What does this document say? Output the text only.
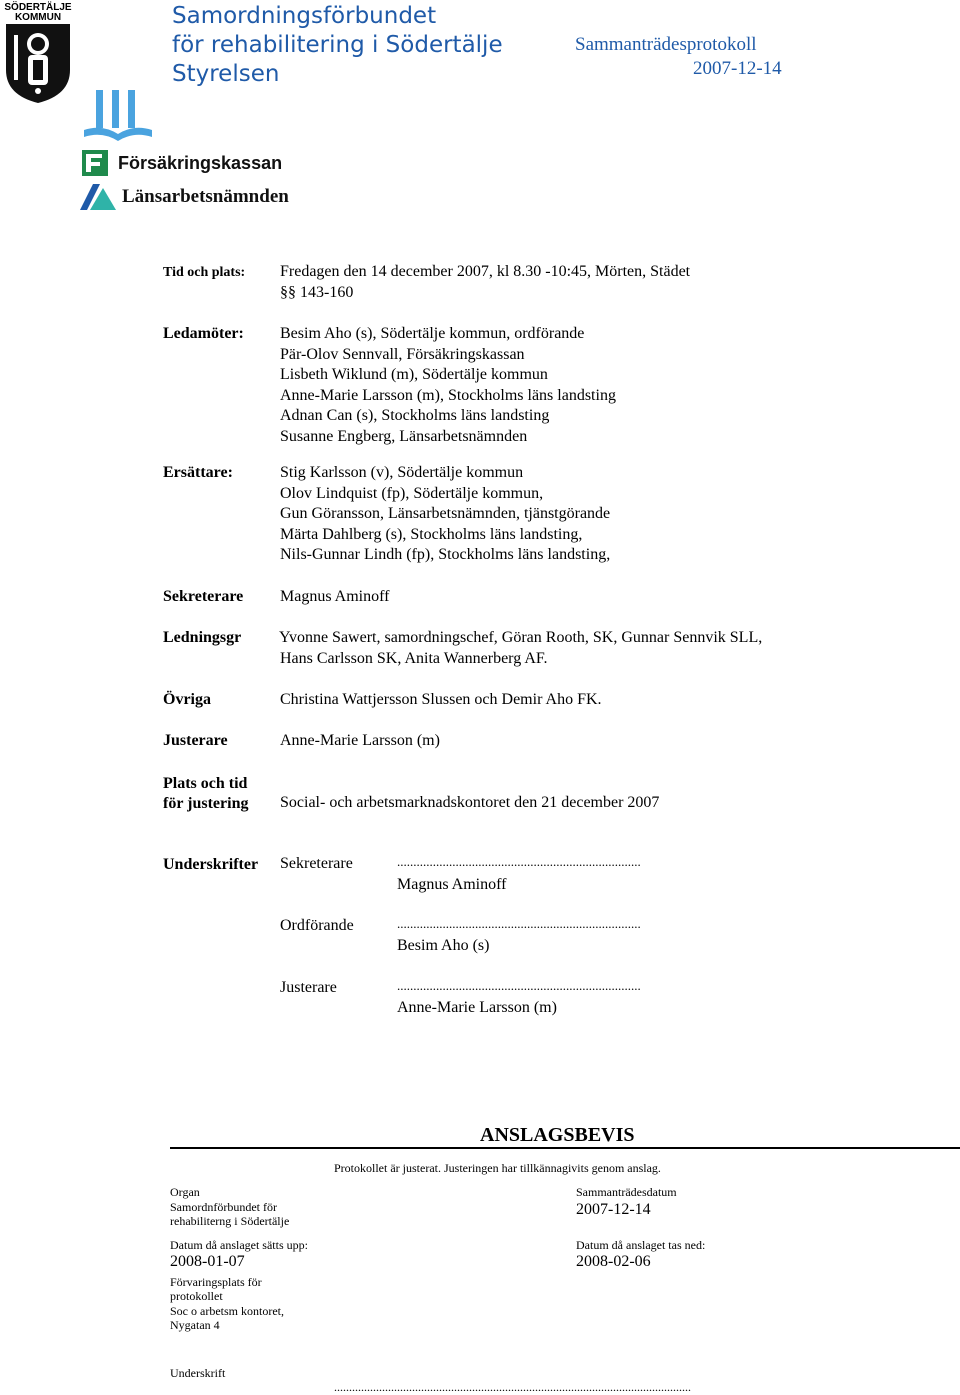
SÖDERTÄLJE
KOMMUN	Samordningsförbundet
för rehabilitering i Södertälje
Styrelsen
Sammanträdesprotokoll
2007-12-14
Försäkringskassan
Länsarbetsnämnden
Tid och plats: Fredagen den 14 december 2007, kl 8.30 -10:45, Mörten, Städet
§§ 143-160
Ledamöter: Besim Aho (s), Södertälje kommun, ordförande
Pär-Olov Sennvall, Försäkringskassan
Lisbeth Wiklund (m), Södertälje kommun
Anne-Marie Larsson (m), Stockholms läns landsting
Adnan Can (s), Stockholms läns landsting
Susanne Engberg, Länsarbetsnämnden
Ersättare:	Stig Karlsson (v), Södertälje kommun
Olov Lindquist (fp), Södertälje kommun,
Gun Göransson, Länsarbetsnämnden, tjänstgörande
Märta Dahlberg (s), Stockholms läns landsting,
Nils-Gunnar Lindh (fp), Stockholms läns landsting,
Sekreterare Magnus Aminoff
Ledningsgr Yvonne Sawert, samordningschef, Göran Rooth, SK, Gunnar Sennvik SLL,
Hans Carlsson SK, Anita Wannerberg AF.
Övriga	Christina Wattjersson Slussen och Demir Aho FK.
Justerare	Anne-Marie Larsson (m)
Plats och tid
för justering Social- och arbetsmarknadskontoret den 21 december 2007
Underskrifter Sekreterare	...........................................................................
Magnus Aminoff
Ordförande	...........................................................................
Besim Aho (s)
Justerare	...........................................................................
Anne-Marie Larsson (m)
ANSLAGSBEVIS
Protokollet är justerat. Justeringen har tillkännagivits genom anslag.
Organ
Samordnförbundet för
rehabiliterng i Södertälje
Sammanträdesdatum
2007-12-14
Datum då anslaget sätts upp:
2008-01-07
Datum då anslaget tas ned:
2008-02-06
Förvaringsplats för
protokollet
Soc o arbetsm kontoret,
Nygatan 4
Underskrift
.......................................................................................................................
